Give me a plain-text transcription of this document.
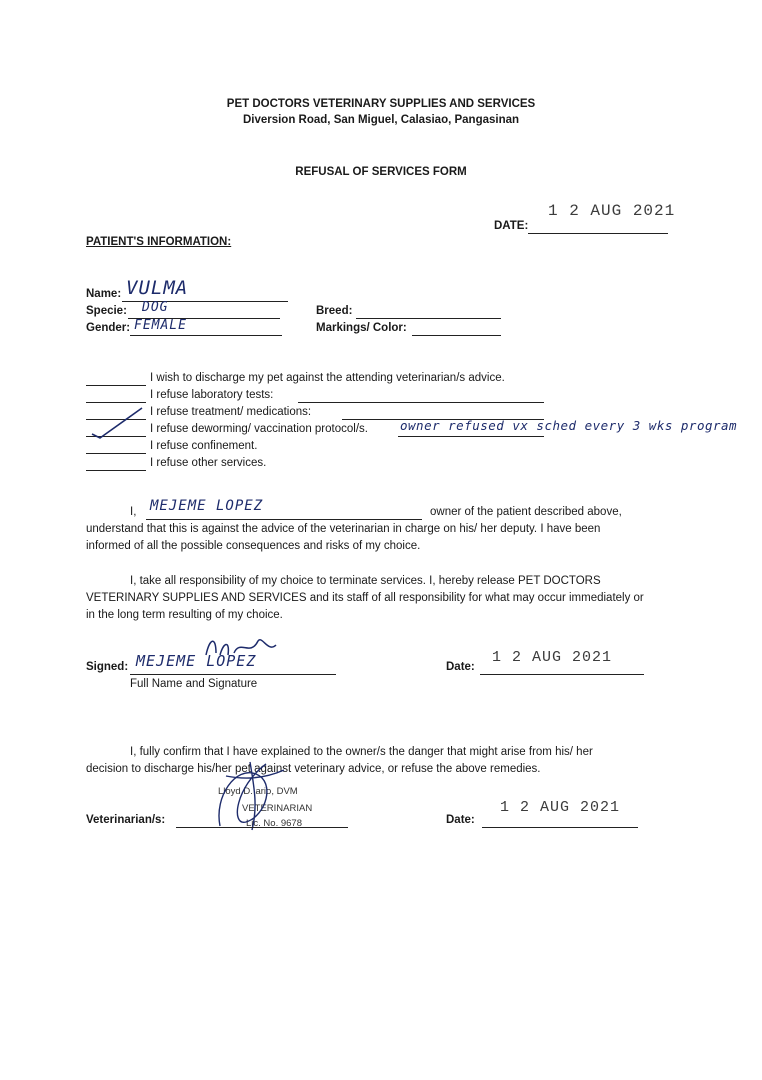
PET DOCTORS VETERINARY SUPPLIES AND SERVICES
Diversion Road, San Miguel, Calasiao, Pangasinan
REFUSAL OF SERVICES FORM
DATE:
1 2 AUG 2021
PATIENT'S INFORMATION:
Name: VULMA
Specie: DOG
Gender: FEMALE
Breed:
Markings/ Color:
I wish to discharge my pet against the attending veterinarian/s advice.
I refuse laboratory tests:
I refuse treatment/ medications:
I refuse deworming/ vaccination protocol/s.	owner refused vx sched every 3 wks program
I refuse confinement.
I refuse other services.
I, MEJEME LOPEZ	owner of the patient described above,
understand that this is against the advice of the veterinarian in charge on his/ her deputy. I have been
informed of all the possible consequences and risks of my choice.
I, take all responsibility of my choice to terminate services. I, hereby release PET DOCTORS
VETERINARY SUPPLIES AND SERVICES and its staff of all responsibility for what may occur immediately or
in the long term resulting of my choice.
Signed: MEJEME LOPEZ
Full Name and Signature
Date:
1 2 AUG 2021
I, fully confirm that I have explained to the owner/s the danger that might arise from his/ her
decision to discharge his/her pet against veterinary advice, or refuse the above remedies.
Lloyd D. ario, DVM
VETERINARIAN
Lic. No. 9678
Veterinarian/s:	Date:
1 2 AUG 2021
